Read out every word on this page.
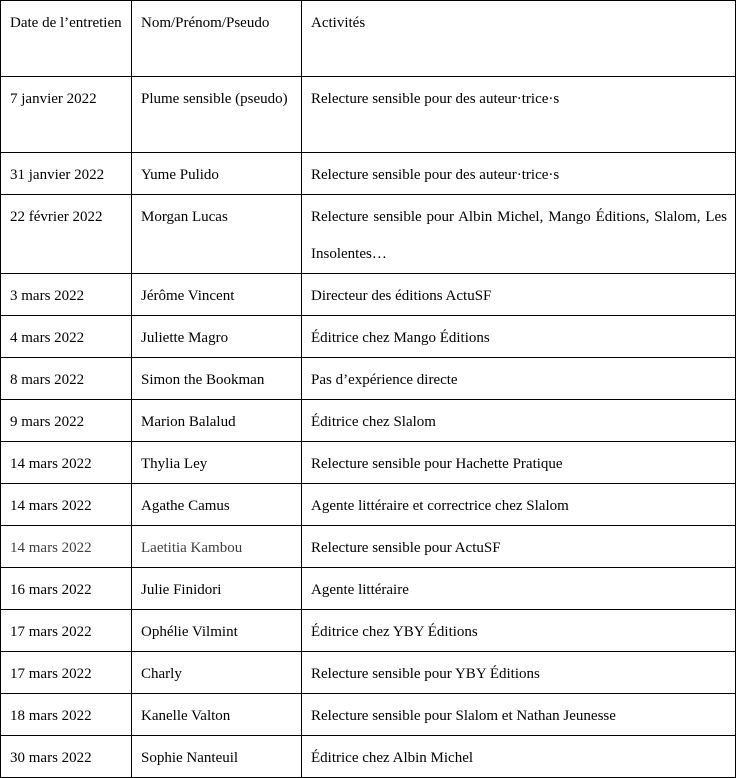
Date de l’entretien	Nom/Prénom/Pseudo	Activités
7 janvier 2022	Plume sensible (pseudo)	Relecture sensible pour des auteur·trice·s
31 janvier 2022	Yume Pulido	Relecture sensible pour des auteur·trice·s
22 février 2022	Morgan Lucas	Relecture sensible pour Albin Michel, Mango Éditions, Slalom, Les Insolentes…
3 mars 2022	Jérôme Vincent	Directeur des éditions ActuSF
4 mars 2022	Juliette Magro	Éditrice chez Mango Éditions
8 mars 2022	Simon the Bookman	Pas d’expérience directe
9 mars 2022	Marion Balalud	Éditrice chez Slalom
14 mars 2022	Thylia Ley	Relecture sensible pour Hachette Pratique
14 mars 2022	Agathe Camus	Agente littéraire et correctrice chez Slalom
14 mars 2022	Laetitia Kambou	Relecture sensible pour ActuSF
16 mars 2022	Julie Finidori	Agente littéraire
17 mars 2022	Ophélie Vilmint	Éditrice chez YBY Éditions
17 mars 2022	Charly	Relecture sensible pour YBY Éditions
18 mars 2022	Kanelle Valton	Relecture sensible pour Slalom et Nathan Jeunesse
30 mars 2022	Sophie Nanteuil	Éditrice chez Albin Michel
